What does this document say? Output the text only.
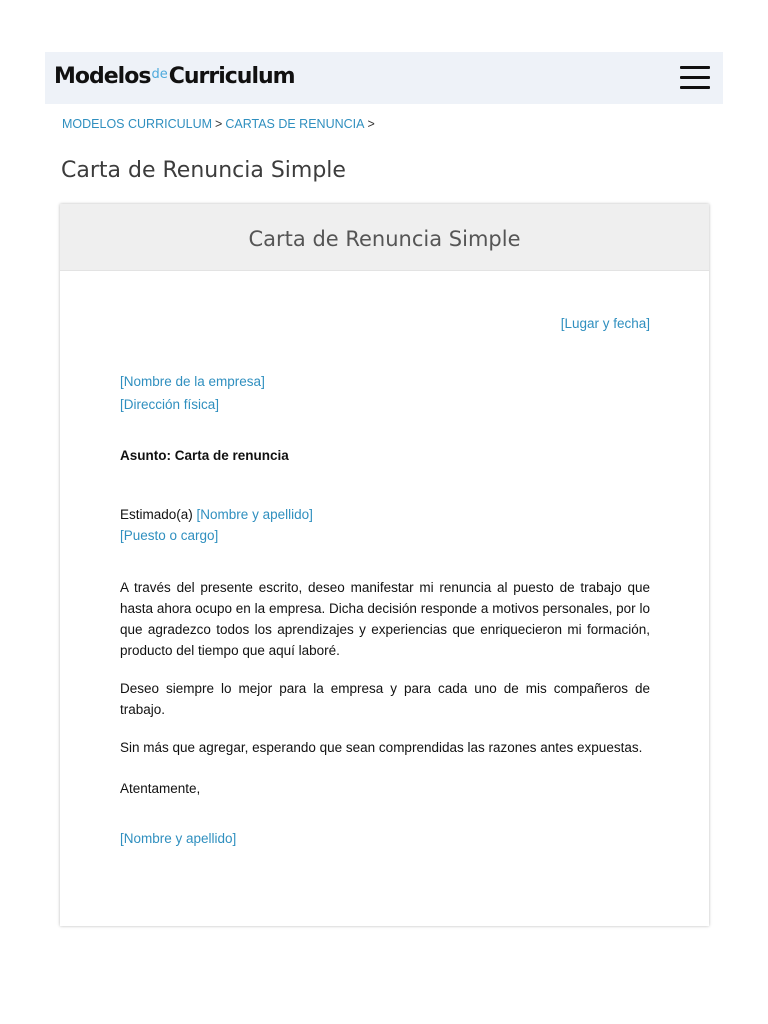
Modelos$^{de}$Curriculum
MODELOS CURRICULUM > CARTAS DE RENUNCIA >
Carta de Renuncia Simple
Carta de Renuncia Simple

[Lugar y fecha]

[Nombre de la empresa]

[Dirección física]

Asunto: Carta de renuncia

Estimado(a) [Nombre y apellido]

[Puesto o cargo]

A través del presente escrito, deseo manifestar mi renuncia al puesto de trabajo que hasta ahora ocupo en la empresa. Dicha decisión responde a motivos personales, por lo que agradezco todos los aprendizajes y experiencias que enriquecieron mi formación, producto del tiempo que aquí laboré.

Deseo siempre lo mejor para la empresa y para cada uno de mis compañeros de trabajo.

Sin más que agregar, esperando que sean comprendidas las razones antes expuestas.

Atentamente,

[Nombre y apellido]
